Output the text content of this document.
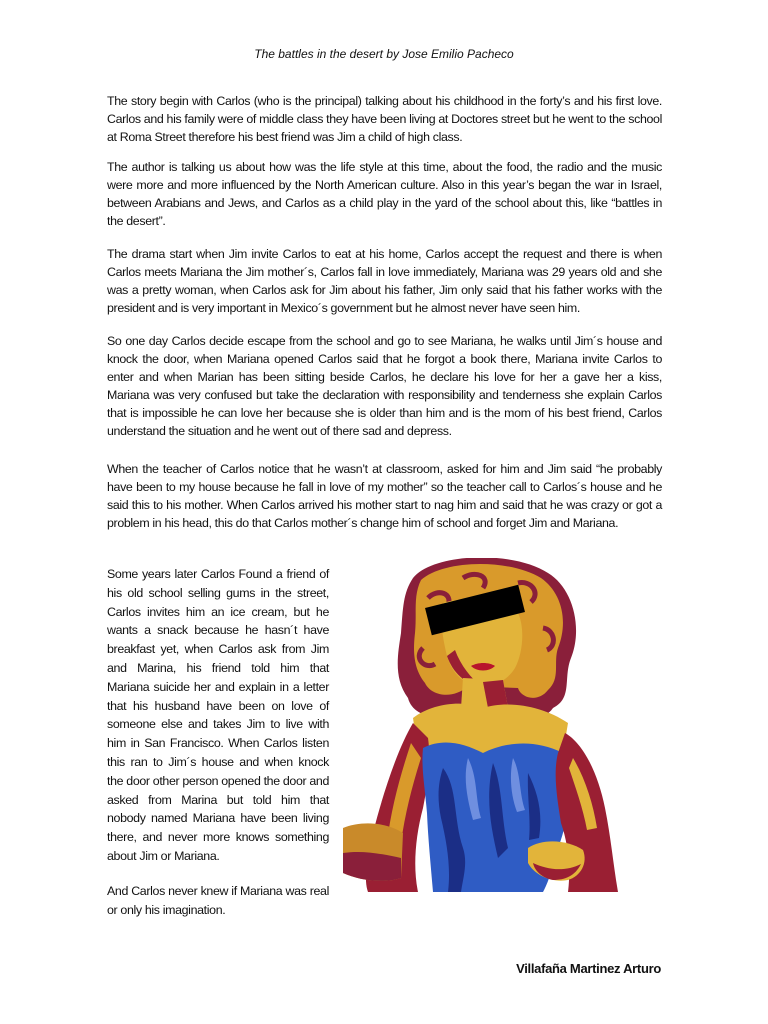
The battles in the desert by Jose Emilio Pacheco

The story begin with Carlos (who is the principal) talking about his childhood in the forty’s and his first love. Carlos and his family were of middle class they have been living at Doctores street but he went to the school at Roma Street therefore his best friend was Jim a child of high class.

The author is talking us about how was the life style at this time, about the food, the radio and the music were more and more influenced by the North American culture. Also in this year’s began the war in Israel, between Arabians and Jews, and Carlos as a child play in the yard of the school about this, like “battles in the desert”.

The drama start when Jim invite Carlos to eat at his home, Carlos accept the request and there is when Carlos meets Mariana the Jim mother´s, Carlos fall in love immediately, Mariana was 29 years old and she was a pretty woman, when Carlos ask for Jim about his father, Jim only said that his father works with the president and is very important in Mexico´s government but he almost never have seen him.

So one day Carlos decide escape from the school and go to see Mariana, he walks until Jim´s house and knock the door, when Mariana opened Carlos said that he forgot a book there, Mariana invite Carlos to enter and when Marian has been sitting beside Carlos, he declare his love for her a gave her a kiss, Mariana was very confused but take the declaration with responsibility and tenderness she explain Carlos that is impossible he can love her because she is older than him and is the mom of his best friend, Carlos understand the situation and he went out of there sad and depress.

When the teacher of Carlos notice that he wasn’t at classroom, asked for him and Jim said “he probably have been to my house because he fall in love of my mother” so the teacher call to Carlos´s house and he said this to his mother. When Carlos arrived his mother start to nag him and said that he was crazy or got a problem in his head, this do that Carlos mother´s change him of school and forget Jim and Mariana.

Some years later Carlos Found a friend of his old school selling gums in the street, Carlos invites him an ice cream, but he wants a snack because he hasn´t have breakfast yet, when Carlos ask from Jim and Marina, his friend told him that Mariana suicide her and explain in a letter that his husband have been on love of someone else and takes Jim to live with him in San Francisco. When Carlos listen this ran to Jim´s house and when knock the door other person opened the door and asked from Marina but told him that nobody named Mariana have been living there, and never more knows something about Jim or Mariana.

And Carlos never knew if Mariana was real or only his imagination.

Villafaña Martinez Arturo
